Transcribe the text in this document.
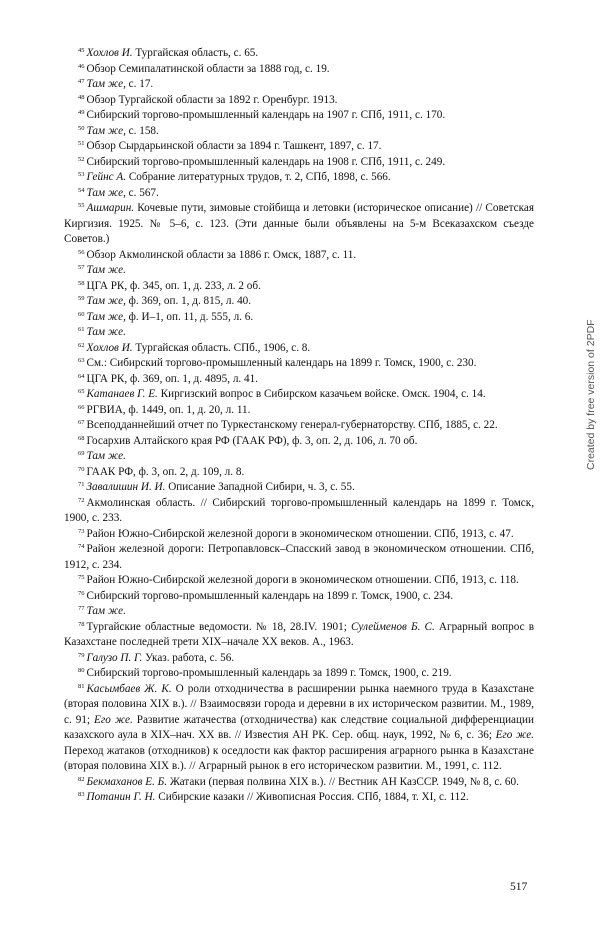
$^{45}$ Хохлов И. Тургайская область, с. 65.

$^{46}$ Обзор Семипалатинской области за 1888 год, с. 19.

$^{47}$ Там же, с. 17.

$^{48}$ Обзор Тургайской области за 1892 г. Оренбург. 1913.

$^{49}$ Сибирский торгово-промышленный календарь на 1907 г. СПб, 1911, с. 170.

$^{50}$ Там же, с. 158.

$^{51}$ Обзор Сырдарьинской области за 1894 г. Ташкент, 1897, с. 17.

$^{52}$ Сибирский торгово-промышленный календарь на 1908 г. СПб, 1911, с. 249.

$^{53}$ Гейнс А. Собрание литературных трудов, т. 2, СПб, 1898, с. 566.

$^{54}$ Там же, с. 567.

$^{55}$ Ашмарин. Кочевые пути, зимовые стойбища и летовки (историческое описание) // Советская Киргизия. 1925. № 5–6, с. 123. (Эти данные были объявлены на 5-м Всеказахском съезде Советов.)

$^{56}$ Обзор Акмолинской области за 1886 г. Омск, 1887, с. 11.

$^{57}$ Там же.

$^{58}$ ЦГА РК, ф. 345, оп. 1, д. 233, л. 2 об.

$^{59}$ Там же, ф. 369, оп. 1, д. 815, л. 40.

$^{60}$ Там же, ф. И–1, оп. 11, д. 555, л. 6.

$^{61}$ Там же.

$^{62}$ Хохлов И. Тургайская область. СПб., 1906, с. 8.

$^{63}$ См.: Сибирский торгово-промышленный календарь на 1899 г. Томск, 1900, с. 230.

$^{64}$ ЦГА РК, ф. 369, оп. 1, д. 4895, л. 41.

$^{65}$ Катанаев Г. Е. Киргизский вопрос в Сибирском казачьем войске. Омск. 1904, с. 14.

$^{66}$ РГВИА, ф. 1449, оп. 1, д. 20, л. 11.

$^{67}$ Всеподданнейший отчет по Туркестанскому генерал-губернаторству. СПб, 1885, с. 22.

$^{68}$ Госархив Алтайского края РФ (ГААК РФ), ф. 3, оп. 2, д. 106, л. 70 об.

$^{69}$ Там же.

$^{70}$ ГААК РФ, ф. 3, оп. 2, д. 109, л. 8.

$^{71}$ Завалишин И. И. Описание Западной Сибири, ч. 3, с. 55.

$^{72}$ Акмолинская область. // Сибирский торгово-промышленный календарь на 1899 г. Томск, 1900, с. 233.

$^{73}$ Район Южно-Сибирской железной дороги в экономическом отношении. СПб, 1913, с. 47.

$^{74}$ Район железной дороги: Петропавловск–Спасский завод в экономическом отношении. СПб, 1912, с. 234.

$^{75}$ Район Южно-Сибирской железной дороги в экономическом отношении. СПб, 1913, с. 118.

$^{76}$ Сибирский торгово-промышленный календарь на 1899 г. Томск, 1900, с. 234.

$^{77}$ Там же.

$^{78}$ Тургайские областные ведомости. № 18, 28.IV. 1901; Сулейменов Б. С. Аграрный вопрос в Казахстане последней трети XIX–начале XX веков. А., 1963.

$^{79}$ Галузо П. Г. Указ. работа, с. 56.

$^{80}$ Сибирский торгово-промышленный календарь за 1899 г. Томск, 1900, с. 219.

$^{81}$ Касымбаев Ж. К. О роли отходничества в расширении рынка наемного труда в Казахстане (вторая половина XIX в.). // Взаимосвязи города и деревни в их историческом развитии. М., 1989, с. 91; Его же. Развитие жатачества (отходничества) как следствие социальной дифференциации казахского аула в XIX–нач. XX вв. // Известия АН РК. Сер. общ. наук, 1992, № 6, с. 36; Его же. Переход жатаков (отходников) к оседлости как фактор расширения аграрного рынка в Казахстане (вторая половина XIX в.). // Аграрный рынок в его историческом развитии. М., 1991, с. 112.

$^{82}$ Бекмаханов Е. Б. Жатаки (первая полвина XIX в.). // Вестник АН КазССР. 1949, № 8, с. 60.

$^{83}$ Потанин Г. Н. Сибирские казаки // Живописная Россия. СПб, 1884, т. XI, с. 112.

517
Created by free version of 2PDF
